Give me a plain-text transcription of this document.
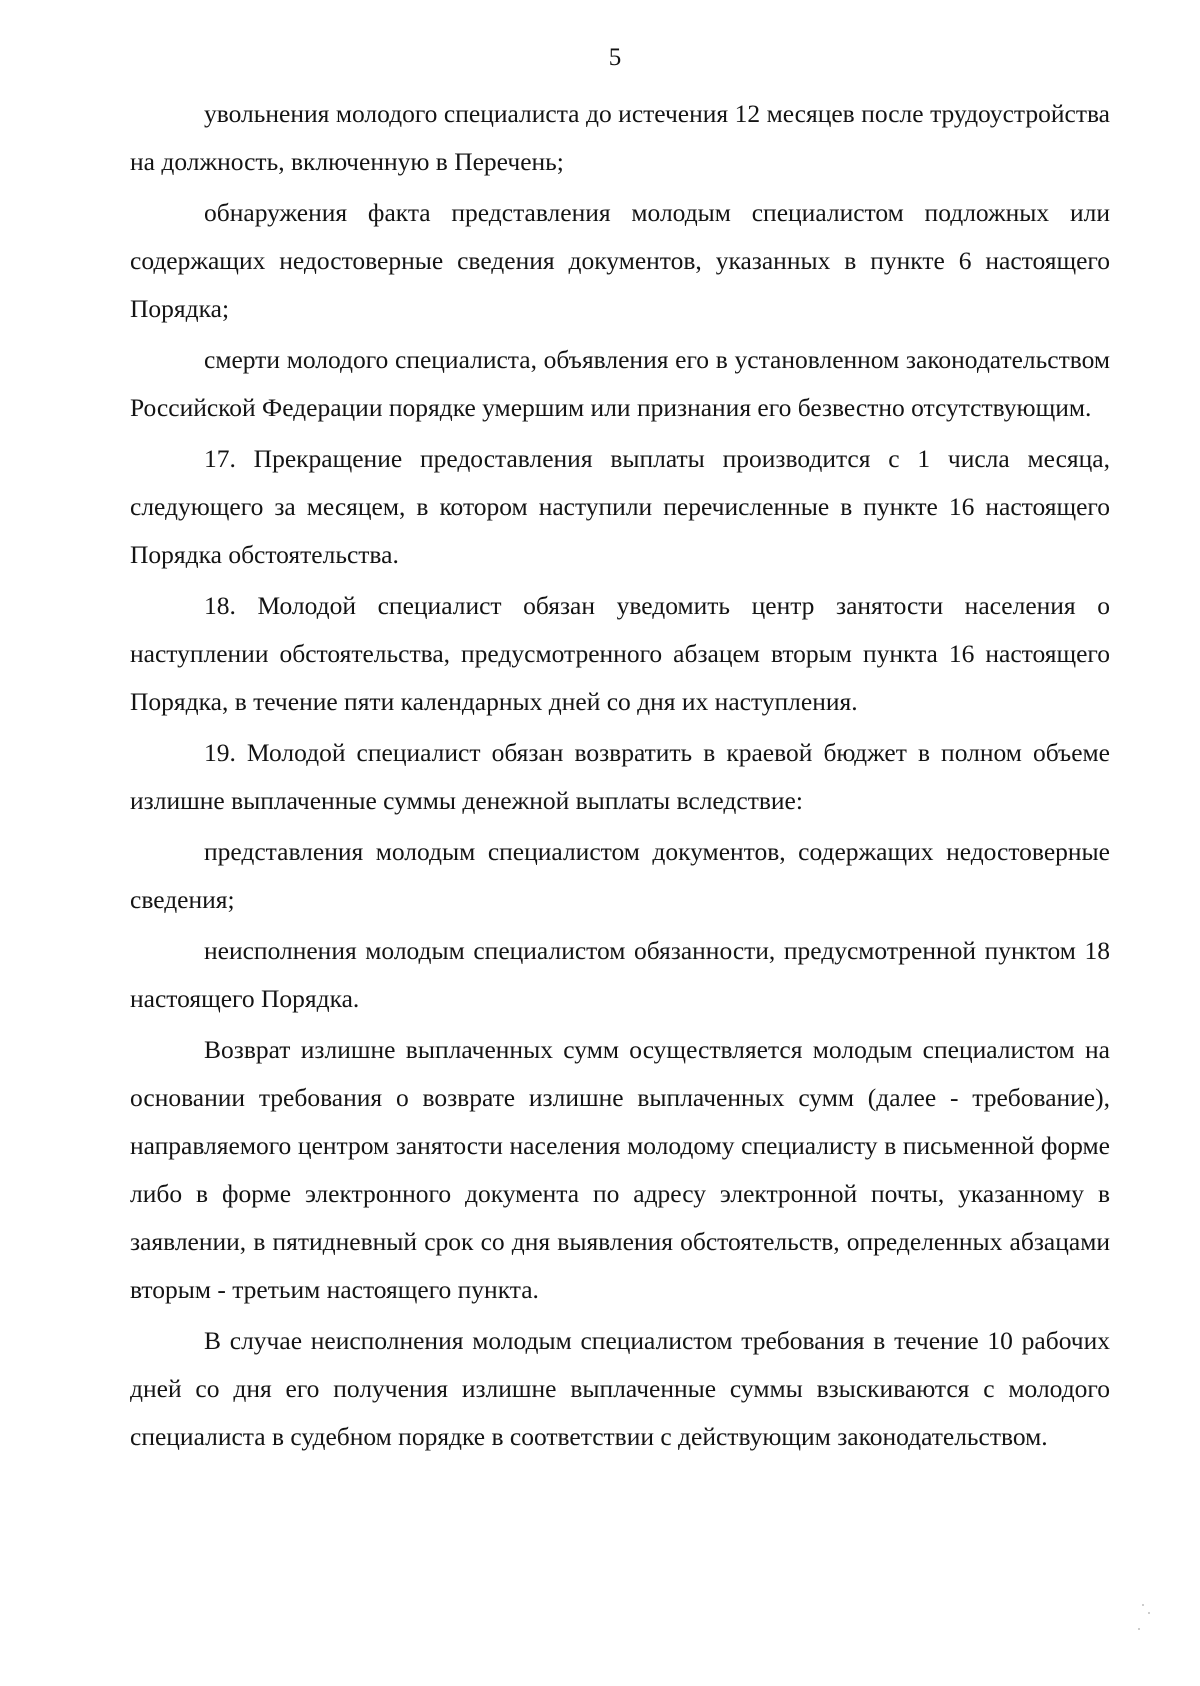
5

увольнения молодого специалиста до истечения 12 месяцев после трудоустройства на должность, включенную в Перечень;

обнаружения факта представления молодым специалистом подложных или содержащих недостоверные сведения документов, указанных в пункте 6 настоящего Порядка;

смерти молодого специалиста, объявления его в установленном законодательством Российской Федерации порядке умершим или признания его безвестно отсутствующим.

17. Прекращение предоставления выплаты производится с 1 числа месяца, следующего за месяцем, в котором наступили перечисленные в пункте 16 настоящего Порядка обстоятельства.

18. Молодой специалист обязан уведомить центр занятости населения о наступлении обстоятельства, предусмотренного абзацем вторым пункта 16 настоящего Порядка, в течение пяти календарных дней со дня их наступления.

19. Молодой специалист обязан возвратить в краевой бюджет в полном объеме излишне выплаченные суммы денежной выплаты вследствие:

представления молодым специалистом документов, содержащих недостоверные сведения;

неисполнения молодым специалистом обязанности, предусмотренной пунктом 18 настоящего Порядка.

Возврат излишне выплаченных сумм осуществляется молодым специалистом на основании требования о возврате излишне выплаченных сумм (далее - требование), направляемого центром занятости населения молодому специалисту в письменной форме либо в форме электронного документа по адресу электронной почты, указанному в заявлении, в пятидневный срок со дня выявления обстоятельств, определенных абзацами вторым - третьим настоящего пункта.

В случае неисполнения молодым специалистом требования в течение 10 рабочих дней со дня его получения излишне выплаченные суммы взыскиваются с молодого специалиста в судебном порядке в соответствии с действующим законодательством.
